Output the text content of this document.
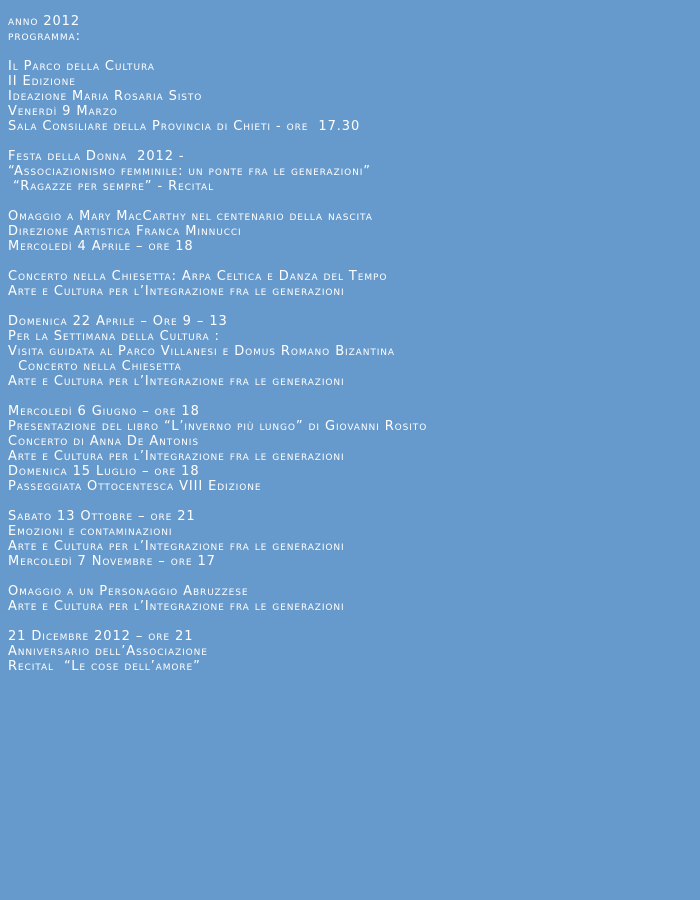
anno 2012
programma:
Il Parco della Cultura
II Edizione
Ideazione Maria Rosaria Sisto
Venerdì 9 Marzo
Sala Consiliare della Provincia di Chieti - ore  17.30
Festa della Donna  2012 -
“Associazionismo femminile: un ponte fra le generazioni”
“Ragazze per sempre” - Recital
Omaggio a Mary MacCarthy nel centenario della nascita
Direzione Artistica Franca Minnucci
Mercoledì 4 Aprile – ore 18
Concerto nella Chiesetta: Arpa Celtica e Danza del Tempo
Arte e Cultura per l’Integrazione fra le generazioni
Domenica 22 Aprile – Ore 9 – 13
Per la Settimana della Cultura :
Visita guidata al Parco Villanesi e Domus Romano Bizantina
Concerto nella Chiesetta
Arte e Cultura per l’Integrazione fra le generazioni
Mercoledì 6 Giugno – ore 18
Presentazione del libro “L’inverno più lungo” di Giovanni Rosito
Concerto di Anna De Antonis
Arte e Cultura per l’Integrazione fra le generazioni
Domenica 15 Luglio – ore 18
Passeggiata Ottocentesca VIII Edizione
Sabato 13 Ottobre – ore 21
Emozioni e contaminazioni
Arte e Cultura per l’Integrazione fra le generazioni
Mercoledì 7 Novembre – ore 17
Omaggio a un Personaggio Abruzzese
Arte e Cultura per l’Integrazione fra le generazioni
21 Dicembre 2012 – ore 21
Anniversario dell’Associazione
Recital  “Le cose dell’amore”
